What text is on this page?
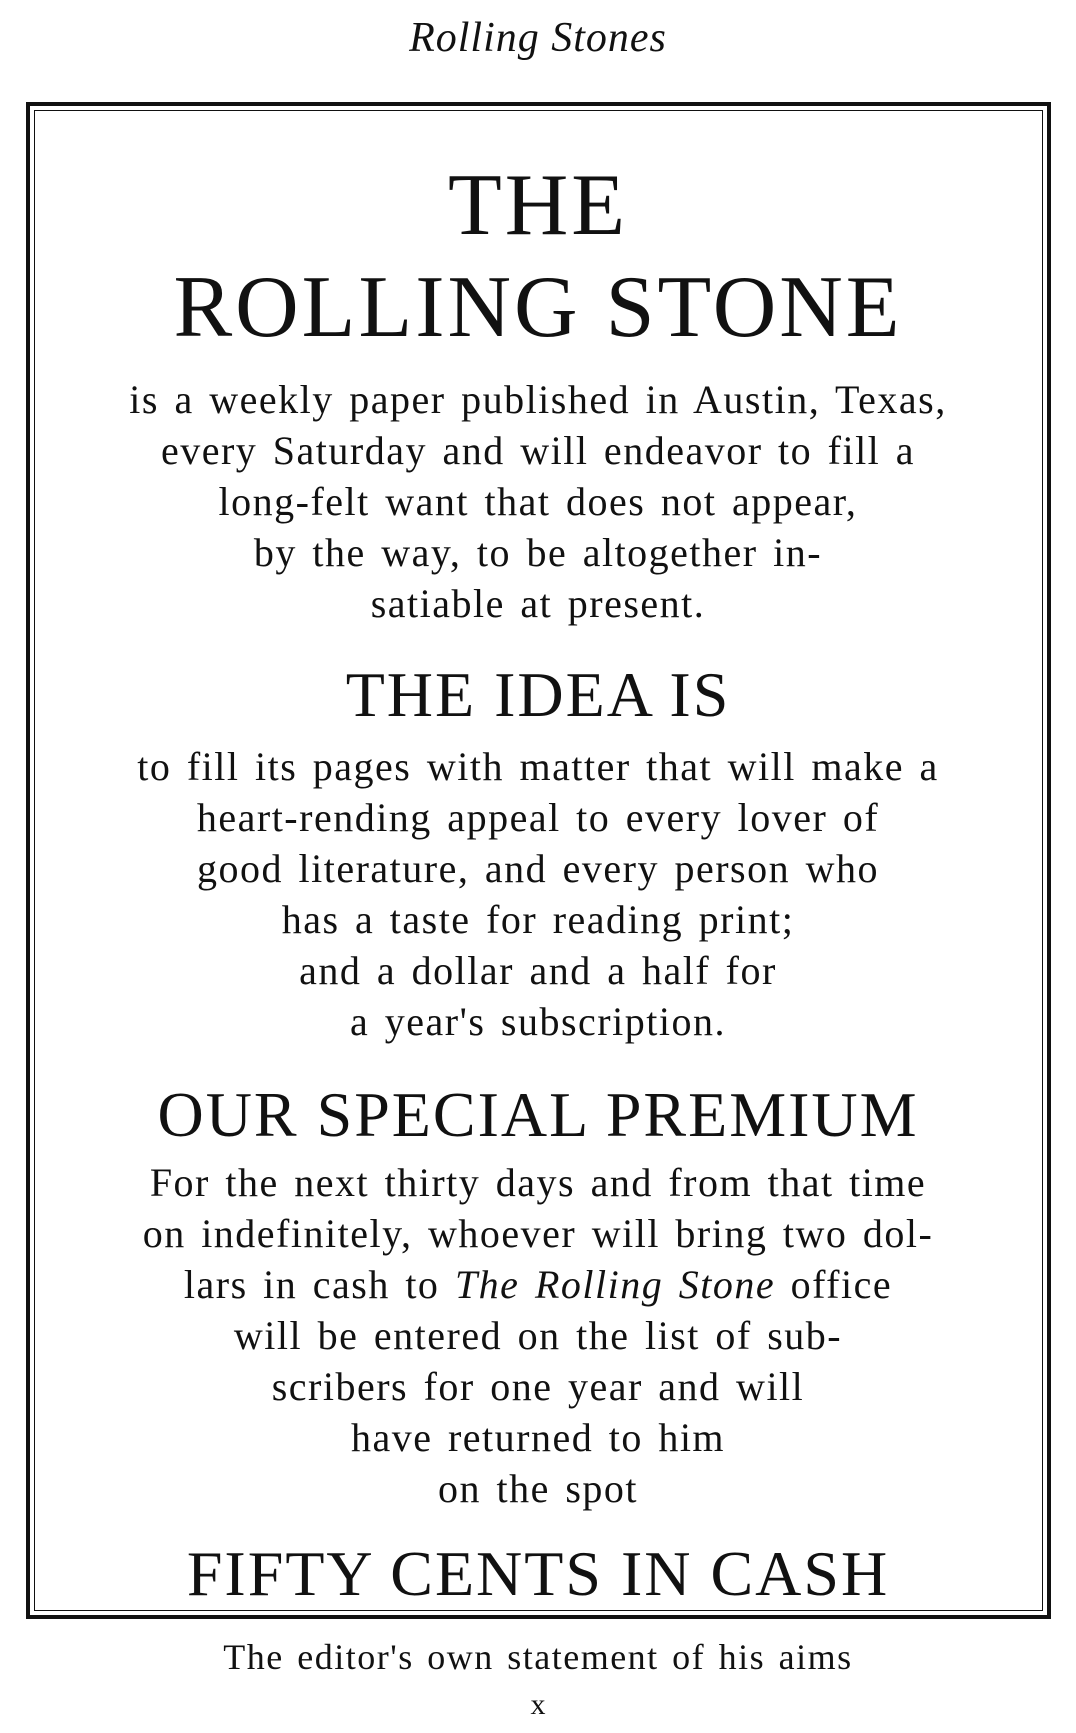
Rolling Stones
THE
ROLLING STONE
is a weekly paper published in Austin, Texas,
every Saturday and will endeavor to fill a
long-felt want that does not appear,
by the way, to be altogether in-
satiable at present.
THE IDEA IS
to fill its pages with matter that will make a
heart-rending appeal to every lover of
good literature, and every person who
has a taste for reading print;
and a dollar and a half for
a year's subscription.
OUR SPECIAL PREMIUM
For the next thirty days and from that time
on indefinitely, whoever will bring two dol-
lars in cash to The Rolling Stone office
will be entered on the list of sub-
scribers for one year and will
have returned to him
on the spot
FIFTY CENTS IN CASH
The editor's own statement of his aims
x
